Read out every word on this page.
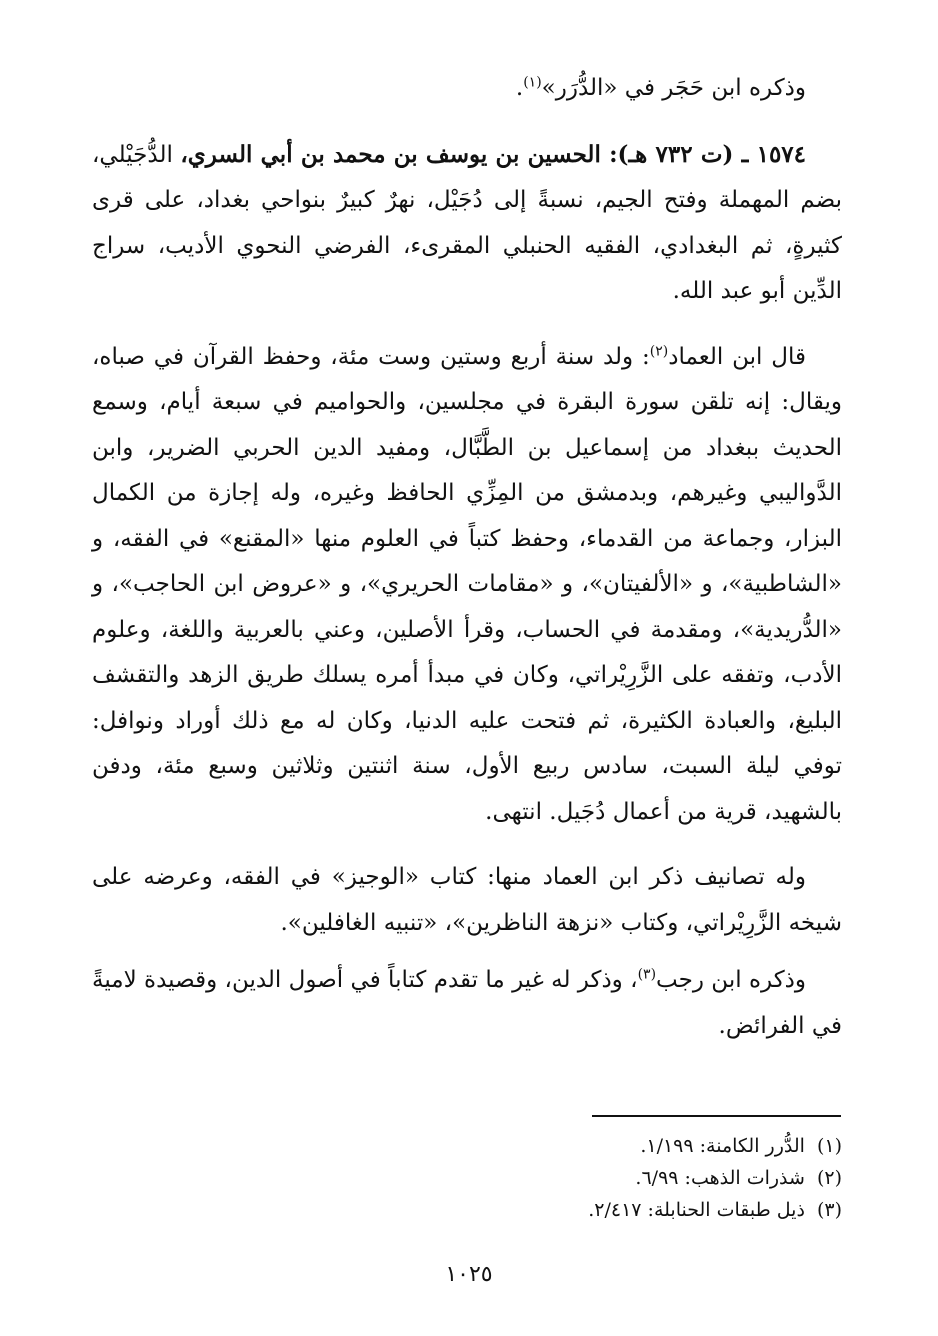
وذكره ابن حَجَر في «الدُّرَر»$^{(١)}$.

١٥٧٤ ـ (ت ٧٣٢ هـ): الحسين بن يوسف بن محمد بن أبي السري، الدُّجَيْلي، بضم المهملة وفتح الجيم، نسبةً إلى دُجَيْل، نهرٌ كبيرٌ بنواحي بغداد، على قرى كثيرةٍ، ثم البغدادي، الفقيه الحنبلي المقرىء، الفرضي النحوي الأديب، سراج الدِّين أبو عبد الله.

قال ابن العماد$^{(٢)}$: ولد سنة أربع وستين وست مئة، وحفظ القرآن في صباه، ويقال: إنه تلقن سورة البقرة في مجلسين، والحواميم في سبعة أيام، وسمع الحديث ببغداد من إسماعيل بن الطَّبَّال، ومفيد الدين الحربي الضرير، وابن الدَّواليبي وغيرهم، وبدمشق من المِزِّي الحافظ وغيره، وله إجازة من الكمال البزار، وجماعة من القدماء، وحفظ كتباً في العلوم منها «المقنع» في الفقه، و «الشاطبية»، و «الألفيتان»، و «مقامات الحريري»، و «عروض ابن الحاجب»، و «الدُّريدية»، ومقدمة في الحساب، وقرأ الأصلين، وعني بالعربية واللغة، وعلوم الأدب، وتفقه على الزَّرِيْراتي، وكان في مبدأ أمره يسلك طريق الزهد والتقشف البليغ، والعبادة الكثيرة، ثم فتحت عليه الدنيا، وكان له مع ذلك أوراد ونوافل: توفي ليلة السبت، سادس ربيع الأول، سنة اثنتين وثلاثين وسبع مئة، ودفن بالشهيد، قرية من أعمال دُجَيل. انتهى.

وله تصانيف ذكر ابن العماد منها: كتاب «الوجيز» في الفقه، وعرضه على شيخه الزَّرِيْراتي، وكتاب «نزهة الناظرين»، «تنبيه الغافلين».

وذكره ابن رجب$^{(٣)}$، وذكر له غير ما تقدم كتاباً في أصول الدين، وقصيدة لاميةً في الفرائض.

(١)الدُّرر الكامنة: ١/١٩٩.

(٢)شذرات الذهب: ٦/٩٩.

(٣)ذيل طبقات الحنابلة: ٢/٤١٧.

١٠٢٥
